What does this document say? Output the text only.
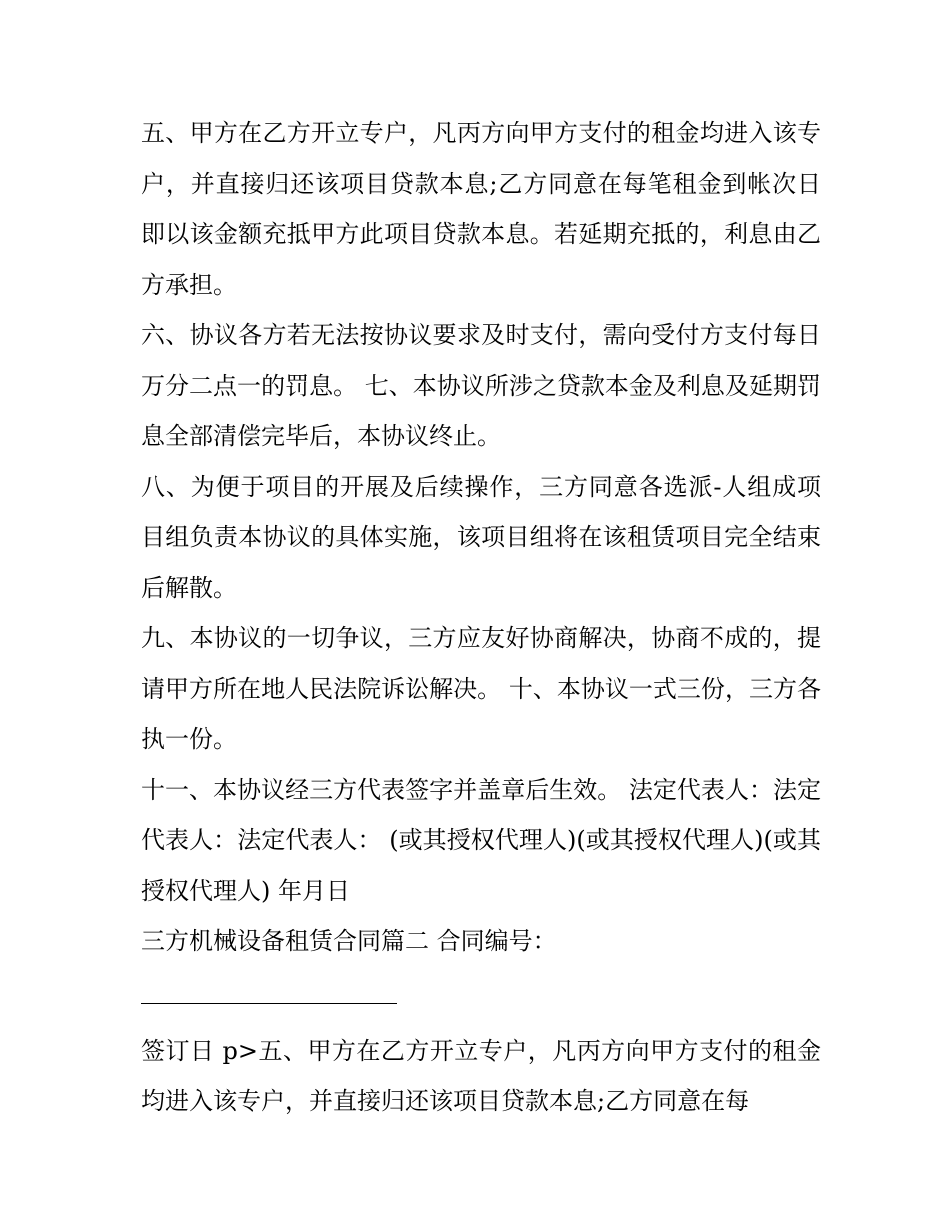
五、甲方在乙方开立专户，凡丙方向甲方支付的租金均进入该专户，并直接归还该项目贷款本息;乙方同意在每笔租金到帐次日即以该金额充抵甲方此项目贷款本息。若延期充抵的，利息由乙方承担。

六、协议各方若无法按协议要求及时支付，需向受付方支付每日万分二点一的罚息。 七、本协议所涉之贷款本金及利息及延期罚息全部清偿完毕后，本协议终止。

八、为便于项目的开展及后续操作，三方同意各选派-人组成项目组负责本协议的具体实施，该项目组将在该租赁项目完全结束后解散。

九、本协议的一切争议，三方应友好协商解决，协商不成的，提请甲方所在地人民法院诉讼解决。 十、本协议一式三份，三方各执一份。

十一、本协议经三方代表签字并盖章后生效。 法定代表人：法定代表人：法定代表人： (或其授权代理人)(或其授权代理人)(或其授权代理人) 年月日

三方机械设备租赁合同篇二 合同编号：

签订日 p>五、甲方在乙方开立专户，凡丙方向甲方支付的租金均进入该专户，并直接归还该项目贷款本息;乙方同意在每
